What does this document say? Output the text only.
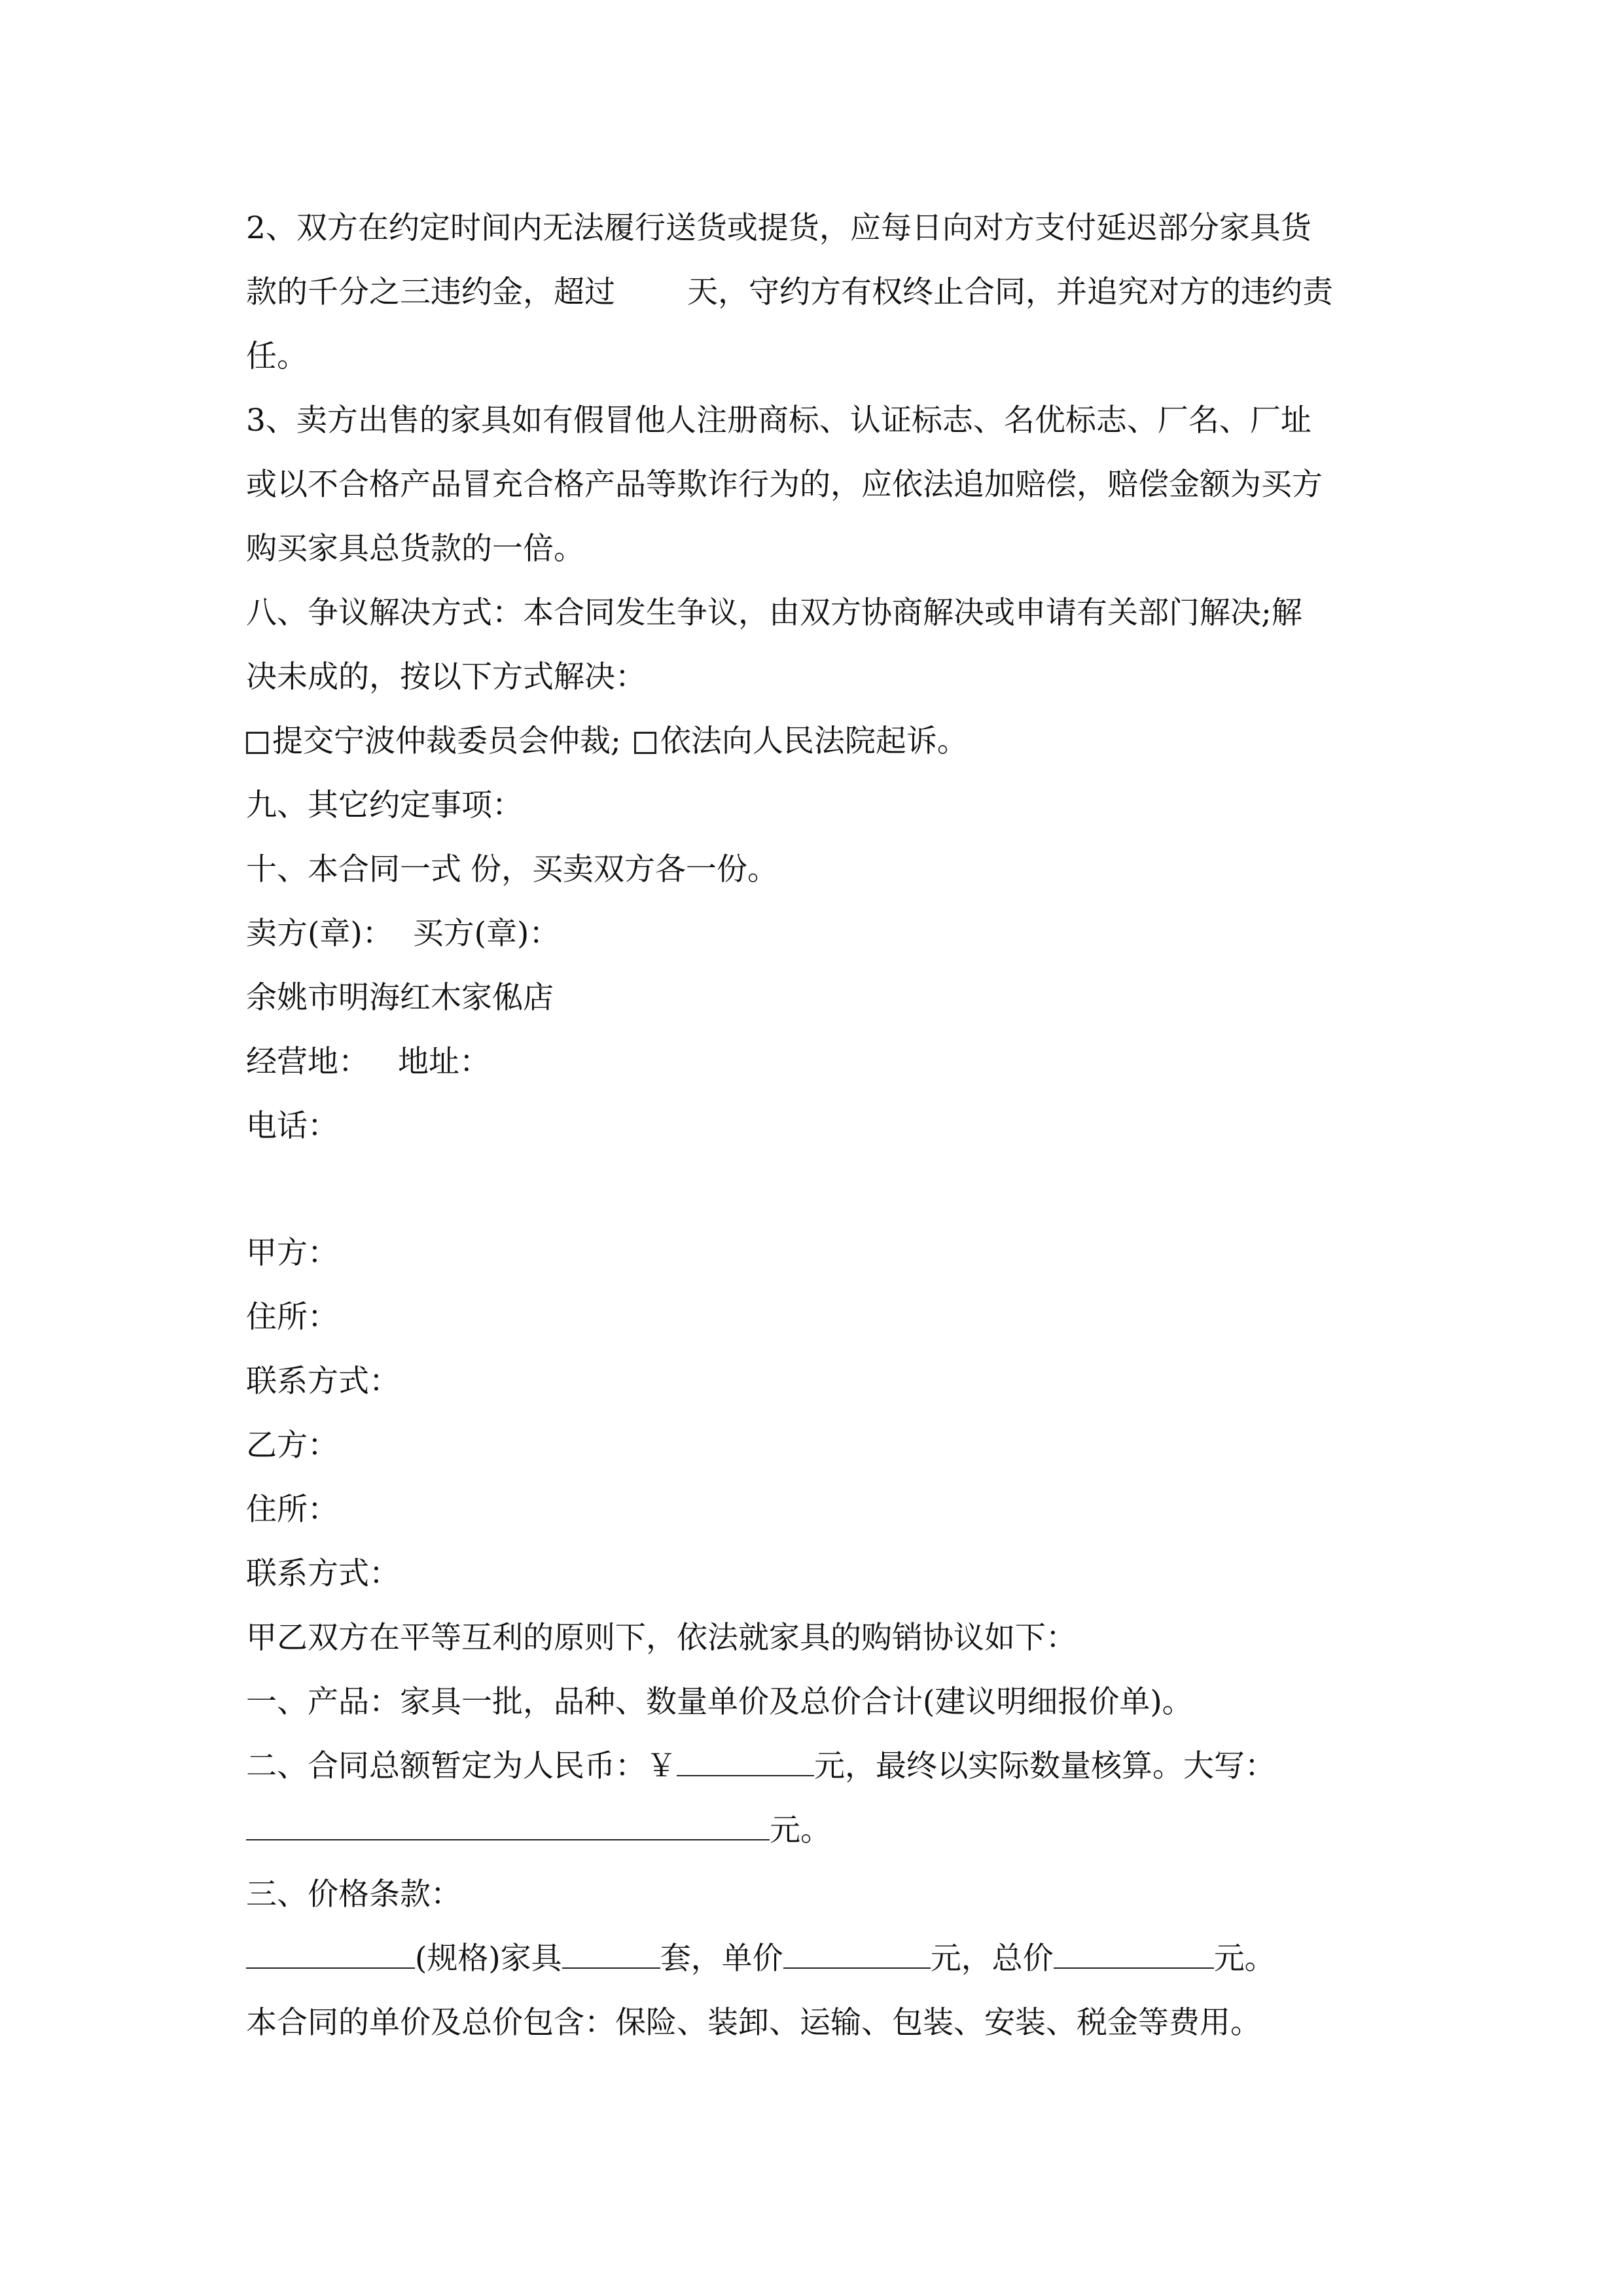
2、双方在约定时间内无法履行送货或提货，应每日向对方支付延迟部分家具货

款的千分之三违约金，超过 天，守约方有权终止合同，并追究对方的违约责

任。

3、卖方出售的家具如有假冒他人注册商标、认证标志、名优标志、厂名、厂址

或以不合格产品冒充合格产品等欺诈行为的，应依法追加赔偿，赔偿金额为买方

购买家具总货款的一倍。

八、争议解决方式：本合同发生争议，由双方协商解决或申请有关部门解决;解

决未成的，按以下方式解决：

提交宁波仲裁委员会仲裁; 依法向人民法院起诉。

九、其它约定事项：

十、本合同一式 份，买卖双方各一份。

卖方(章)： 买方(章)：

余姚市明海红木家俬店

经营地： 地址：

电话：

甲方：

住所：

联系方式：

乙方：

住所：

联系方式：

甲乙双方在平等互利的原则下，依法就家具的购销协议如下：

一、产品：家具一批，品种、数量单价及总价合计(建议明细报价单)。

二、合同总额暂定为人民币：￥	元，最终以实际数量核算。大写：

元。

三、价格条款：

(规格)家具	套，单价	元，总价	元。

本合同的单价及总价包含：保险、装卸、运输、包装、安装、税金等费用。
